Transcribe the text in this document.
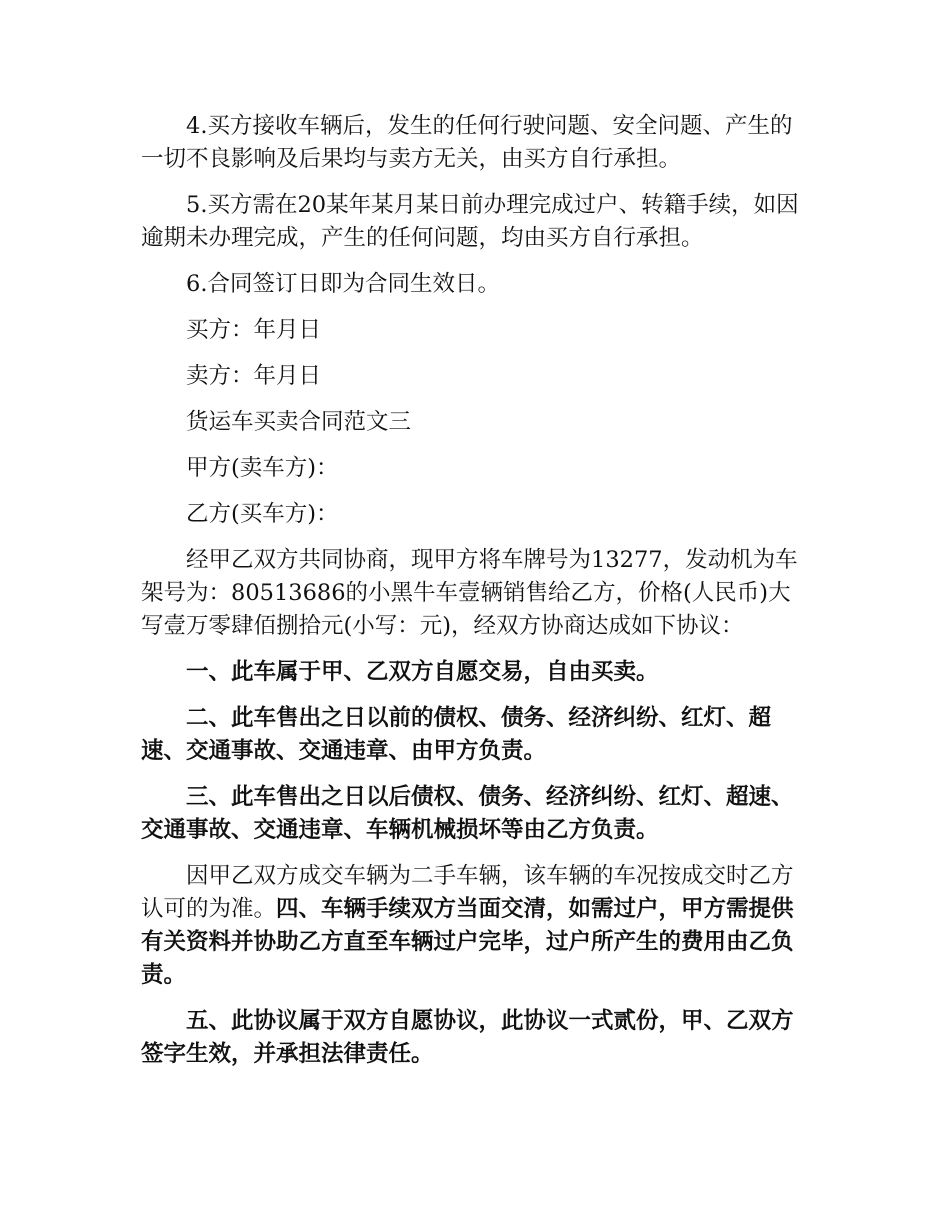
4.买方接收车辆后，发生的任何行驶问题、安全问题、产生的一切不良影响及后果均与卖方无关，由买方自行承担。

5.买方需在20某年某月某日前办理完成过户、转籍手续，如因逾期未办理完成，产生的任何问题，均由买方自行承担。

6.合同签订日即为合同生效日。

买方：年月日

卖方：年月日

货运车买卖合同范文三

甲方(卖车方)：

乙方(买车方)：

经甲乙双方共同协商，现甲方将车牌号为13277，发动机为车架号为：80513686的小黑牛车壹辆销售给乙方，价格(人民币)大写壹万零肆佰捌拾元(小写：元)，经双方协商达成如下协议：

一、此车属于甲、乙双方自愿交易，自由买卖。

二、此车售出之日以前的债权、债务、经济纠纷、红灯、超速、交通事故、交通违章、由甲方负责。

三、此车售出之日以后债权、债务、经济纠纷、红灯、超速、交通事故、交通违章、车辆机械损坏等由乙方负责。

因甲乙双方成交车辆为二手车辆，该车辆的车况按成交时乙方认可的为准。四、车辆手续双方当面交清，如需过户，甲方需提供有关资料并协助乙方直至车辆过户完毕，过户所产生的费用由乙负责。

五、此协议属于双方自愿协议，此协议一式贰份，甲、乙双方签字生效，并承担法律责任。
